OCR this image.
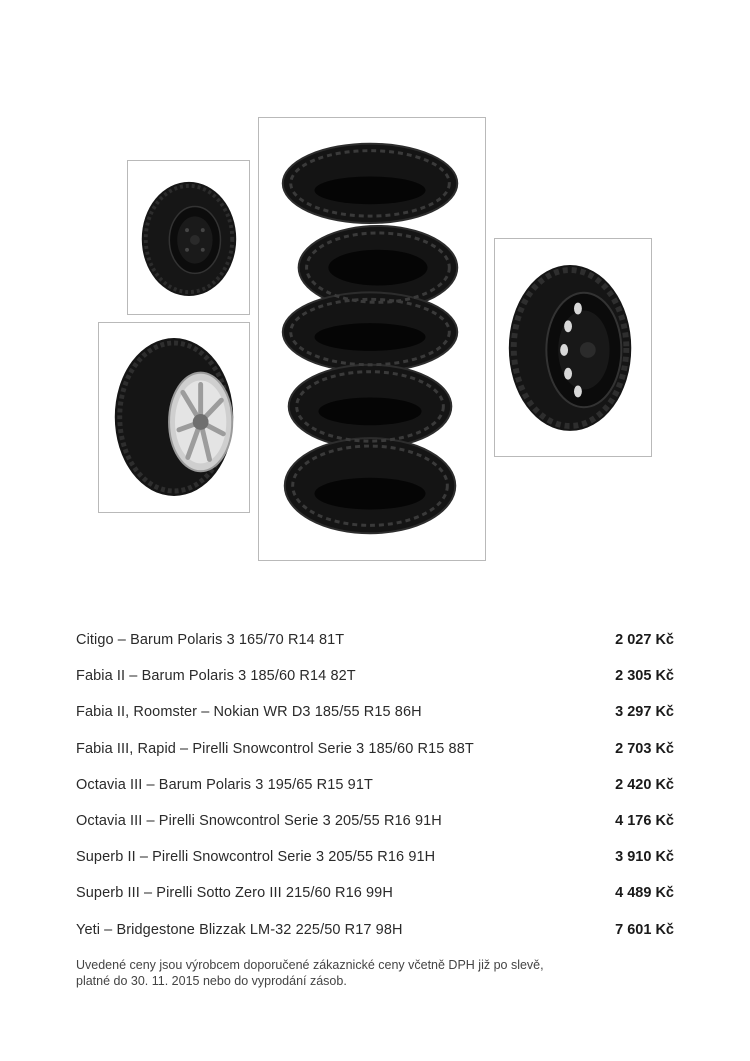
Citigo – Barum Polaris 3 165/70 R14 81T	2 027 Kč
Fabia II – Barum Polaris 3 185/60 R14 82T	2 305 Kč
Fabia II, Roomster – Nokian WR D3 185/55 R15 86H	3 297 Kč
Fabia III, Rapid – Pirelli Snowcontrol Serie 3 185/60 R15 88T	2 703 Kč
Octavia III – Barum Polaris 3 195/65 R15 91T	2 420 Kč
Octavia III – Pirelli Snowcontrol Serie 3 205/55 R16 91H	4 176 Kč
Superb II – Pirelli Snowcontrol Serie 3 205/55 R16 91H	3 910 Kč
Superb III – Pirelli Sotto Zero III 215/60 R16 99H	4 489 Kč
Yeti – Bridgestone Blizzak LM-32 225/50 R17 98H	7 601 Kč
Uvedené ceny jsou výrobcem doporučené zákaznické ceny včetně DPH již po slevě,
platné do 30. 11. 2015 nebo do vyprodání zásob.
